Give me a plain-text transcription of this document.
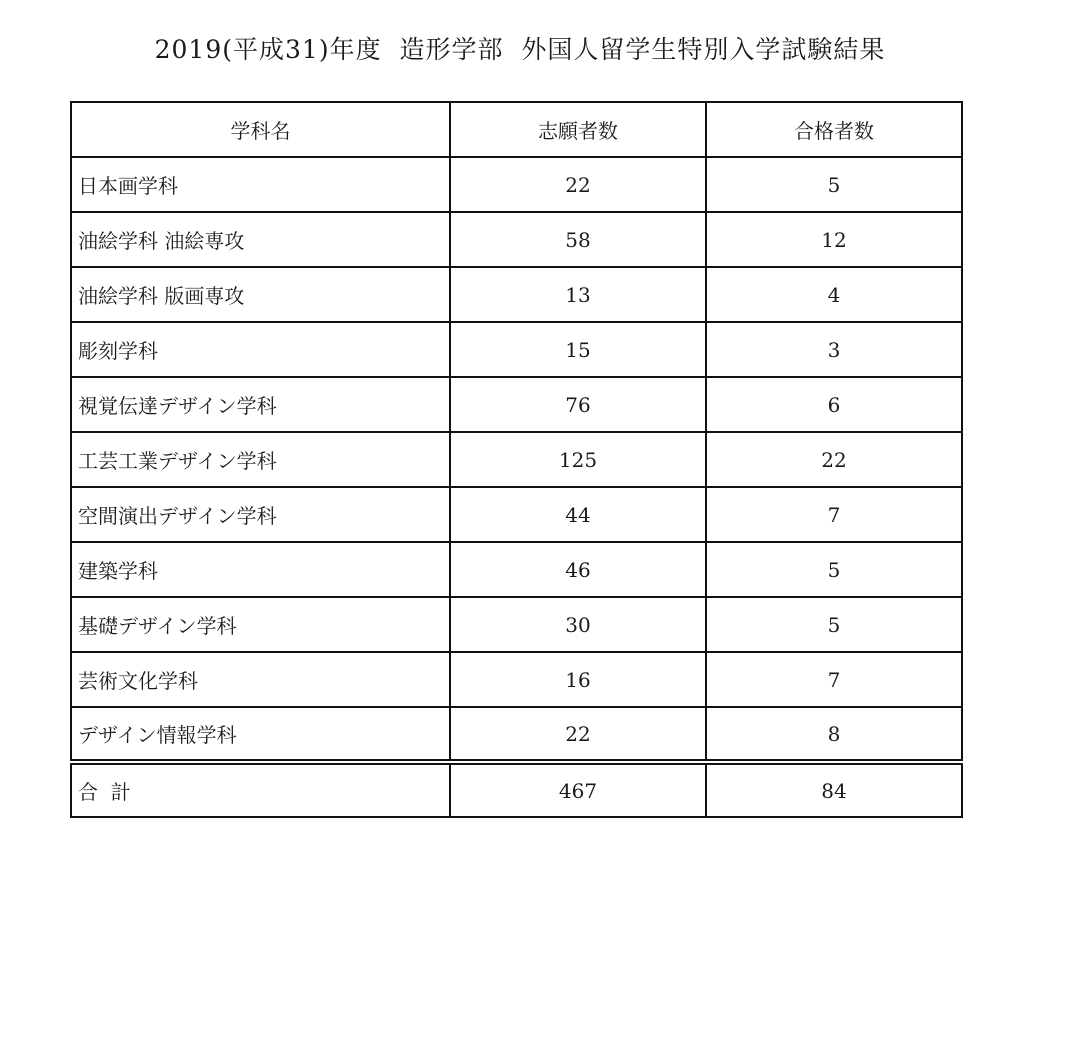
2019(平成31)年度  造形学部  外国人留学生特別入学試験結果
学科名	志願者数	合格者数
日本画学科	22	5
油絵学科 油絵専攻	58	12
油絵学科 版画専攻	13	4
彫刻学科	15	3
視覚伝達デザイン学科	76	6
工芸工業デザイン学科	125	22
空間演出デザイン学科	44	7
建築学科	46	5
基礎デザイン学科	30	5
芸術文化学科	16	7
デザイン情報学科	22	8
合  計	467	84
